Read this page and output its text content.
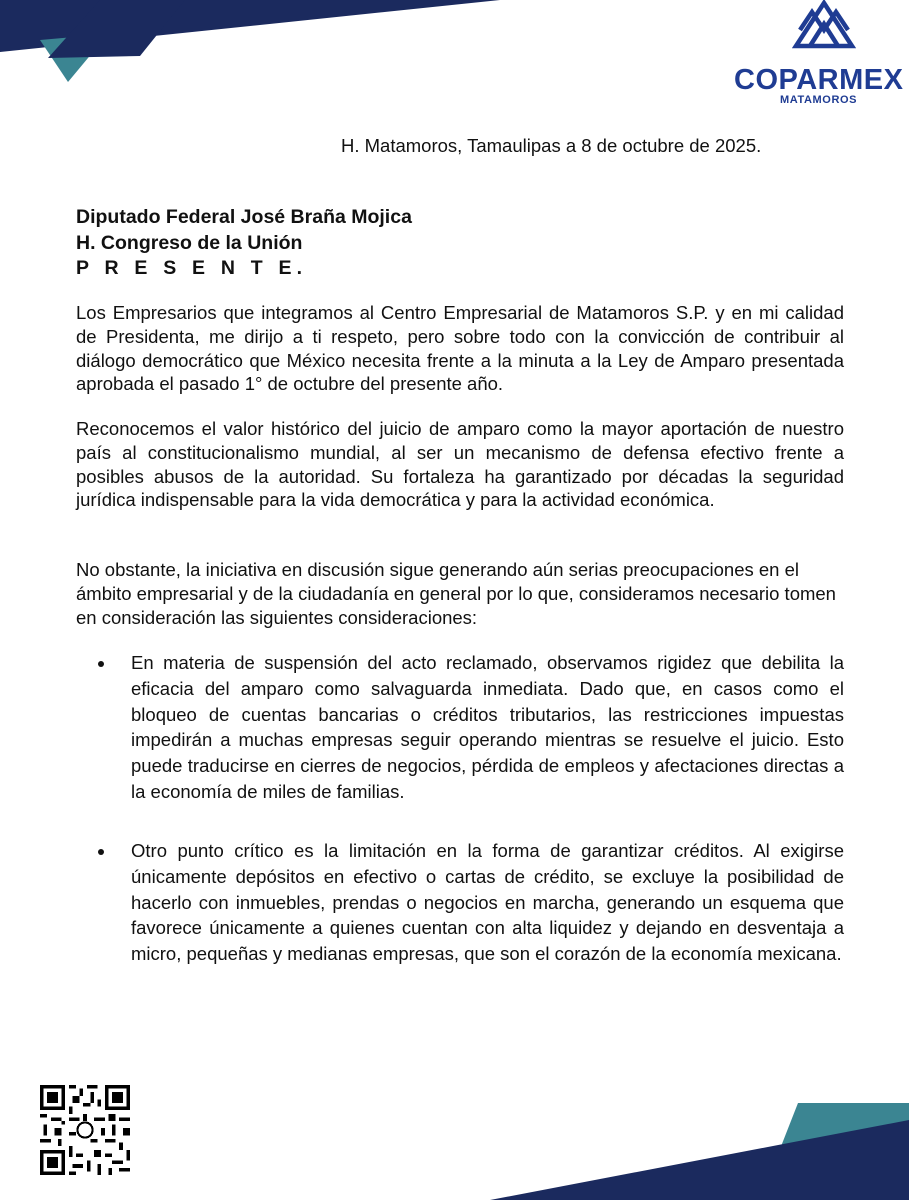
COPARMEX
MATAMOROS
H. Matamoros, Tamaulipas a 8 de octubre de 2025.
Diputado Federal José Braña Mojica
H. Congreso de la Unión
P R E S E N T E.

Los Empresarios que integramos al Centro Empresarial de Matamoros S.P. y en mi calidad de Presidenta, me dirijo a ti respeto, pero sobre todo con la convicción de contribuir al diálogo democrático que México necesita frente a la minuta a la Ley de Amparo presentada aprobada el pasado 1° de octubre del presente año.

Reconocemos el valor histórico del juicio de amparo como la mayor aportación de nuestro país al constitucionalismo mundial, al ser un mecanismo de defensa efectivo frente a posibles abusos de la autoridad. Su fortaleza ha garantizado por décadas la seguridad jurídica indispensable para la vida democrática y para la actividad económica.

No obstante, la iniciativa en discusión sigue generando aún serias preocupaciones en el ámbito empresarial y de la ciudadanía en general por lo que, consideramos necesario tomen en consideración las siguientes consideraciones:

En materia de suspensión del acto reclamado, observamos rigidez que debilita la eficacia del amparo como salvaguarda inmediata. Dado que, en casos como el bloqueo de cuentas bancarias o créditos tributarios, las restricciones impuestas impedirán a muchas empresas seguir operando mientras se resuelve el juicio. Esto puede traducirse en cierres de negocios, pérdida de empleos y afectaciones directas a la economía de miles de familias.
Otro punto crítico es la limitación en la forma de garantizar créditos. Al exigirse únicamente depósitos en efectivo o cartas de crédito, se excluye la posibilidad de hacerlo con inmuebles, prendas o negocios en marcha, generando un esquema que favorece únicamente a quienes cuentan con alta liquidez y dejando en desventaja a micro, pequeñas y medianas empresas, que son el corazón de la economía mexicana.
